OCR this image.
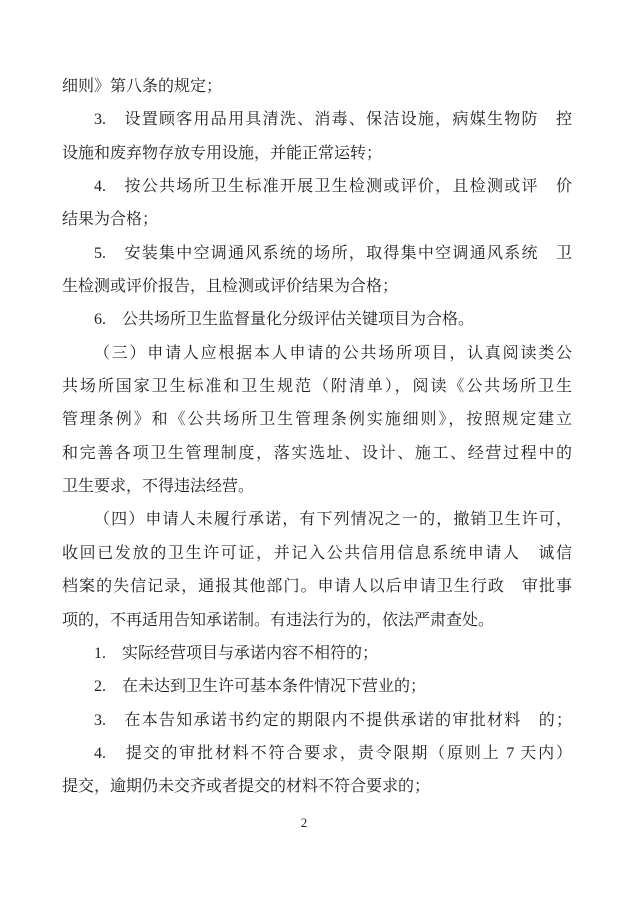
细则》第八条的规定；
3.　设置顾客用品用具清洗、消毒、保洁设施，病媒生物防　控
设施和废弃物存放专用设施，并能正常运转；
4.　按公共场所卫生标准开展卫生检测或评价，且检测或评　价
结果为合格；
5.　安装集中空调通风系统的场所，取得集中空调通风系统　卫
生检测或评价报告，且检测或评价结果为合格；
6.　公共场所卫生监督量化分级评估关键项目为合格。
（三）申请人应根据本人申请的公共场所项目，认真阅读类公
共场所国家卫生标准和卫生规范（附清单），阅读《公共场所卫生
管理条例》和《公共场所卫生管理条例实施细则》，按照规定建立
和完善各项卫生管理制度，落实选址、设计、施工、经营过程中的
卫生要求，不得违法经营。
（四）申请人未履行承诺，有下列情况之一的，撤销卫生许可，
收回已发放的卫生许可证，并记入公共信用信息系统申请人　诚信
档案的失信记录，通报其他部门。申请人以后申请卫生行政　审批事
项的，不再适用告知承诺制。有违法行为的，依法严肃查处。
1.　实际经营项目与承诺内容不相符的；
2.　在未达到卫生许可基本条件情况下营业的；
3.　在本告知承诺书约定的期限内不提供承诺的审批材料　的；
4.　提交的审批材料不符合要求，责令限期（原则上 7 天内）
提交，逾期仍未交齐或者提交的材料不符合要求的；
2
